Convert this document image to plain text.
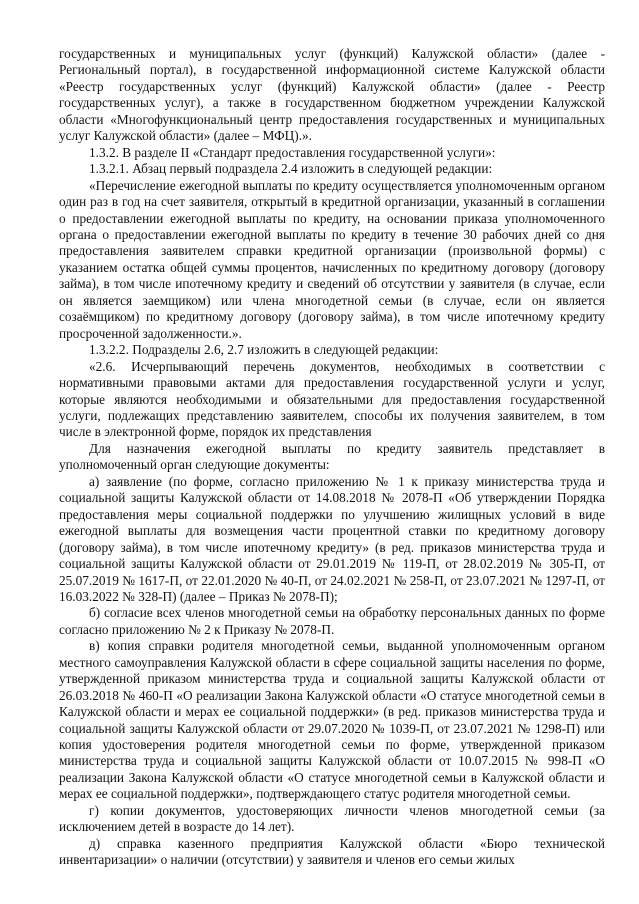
государственных и муниципальных услуг (функций) Калужской области» (далее - Региональный портал), в государственной информационной системе Калужской области «Реестр государственных услуг (функций) Калужской области» (далее - Реестр государственных услуг), а также в государственном бюджетном учреждении Калужской области «Многофункциональный центр предоставления государственных и муниципальных услуг Калужской области» (далее – МФЦ).».

1.3.2. В разделе II «Стандарт предоставления государственной услуги»:

1.3.2.1. Абзац первый подраздела 2.4 изложить в следующей редакции:

«Перечисление ежегодной выплаты по кредиту осуществляется уполномоченным органом один раз в год на счет заявителя, открытый в кредитной организации, указанный в соглашении о предоставлении ежегодной выплаты по кредиту, на основании приказа уполномоченного органа о предоставлении ежегодной выплаты по кредиту в течение 30 рабочих дней со дня предоставления заявителем справки кредитной организации (произвольной формы) с указанием остатка общей суммы процентов, начисленных по кредитному договору (договору займа), в том числе ипотечному кредиту и сведений об отсутствии у заявителя (в случае, если он является заемщиком) или члена многодетной семьи (в случае, если он является созаёмщиком) по кредитному договору (договору займа), в том числе ипотечному кредиту просроченной задолженности.».

1.3.2.2. Подразделы 2.6, 2.7 изложить в следующей редакции:

«2.6. Исчерпывающий перечень документов, необходимых в соответствии с нормативными правовыми актами для предоставления государственной услуги и услуг, которые являются необходимыми и обязательными для предоставления государственной услуги, подлежащих представлению заявителем, способы их получения заявителем, в том числе в электронной форме, порядок их представления

Для назначения ежегодной выплаты по кредиту заявитель представляет в уполномоченный орган следующие документы:

а) заявление (по форме, согласно приложению № 1 к приказу министерства труда и социальной защиты Калужской области от 14.08.2018 № 2078-П «Об утверждении Порядка предоставления меры социальной поддержки по улучшению жилищных условий в виде ежегодной выплаты для возмещения части процентной ставки по кредитному договору (договору займа), в том числе ипотечному кредиту» (в ред. приказов министерства труда и социальной защиты Калужской области от 29.01.2019 № 119-П, от 28.02.2019 № 305-П, от 25.07.2019 № 1617-П, от 22.01.2020 № 40-П, от 24.02.2021 № 258-П, от 23.07.2021 № 1297-П, от 16.03.2022 № 328-П) (далее – Приказ № 2078-П);

б) согласие всех членов многодетной семьи на обработку персональных данных по форме согласно приложению № 2 к Приказу № 2078-П.

в) копия справки родителя многодетной семьи, выданной уполномоченным органом местного самоуправления Калужской области в сфере социальной защиты населения по форме, утвержденной приказом министерства труда и социальной защиты Калужской области от 26.03.2018 № 460-П «О реализации Закона Калужской области «О статусе многодетной семьи в Калужской области и мерах ее социальной поддержки» (в ред. приказов министерства труда и социальной защиты Калужской области от 29.07.2020 № 1039-П, от 23.07.2021 № 1298-П) или копия удостоверения родителя многодетной семьи по форме, утвержденной приказом министерства труда и социальной защиты Калужской области от 10.07.2015 № 998-П «О реализации Закона Калужской области «О статусе многодетной семьи в Калужской области и мерах ее социальной поддержки», подтверждающего статус родителя многодетной семьи.

г) копии документов, удостоверяющих личности членов многодетной семьи (за исключением детей в возрасте до 14 лет).

д) справка казенного предприятия Калужской области «Бюро технической инвентаризации» о наличии (отсутствии) у заявителя и членов его семьи жилых
